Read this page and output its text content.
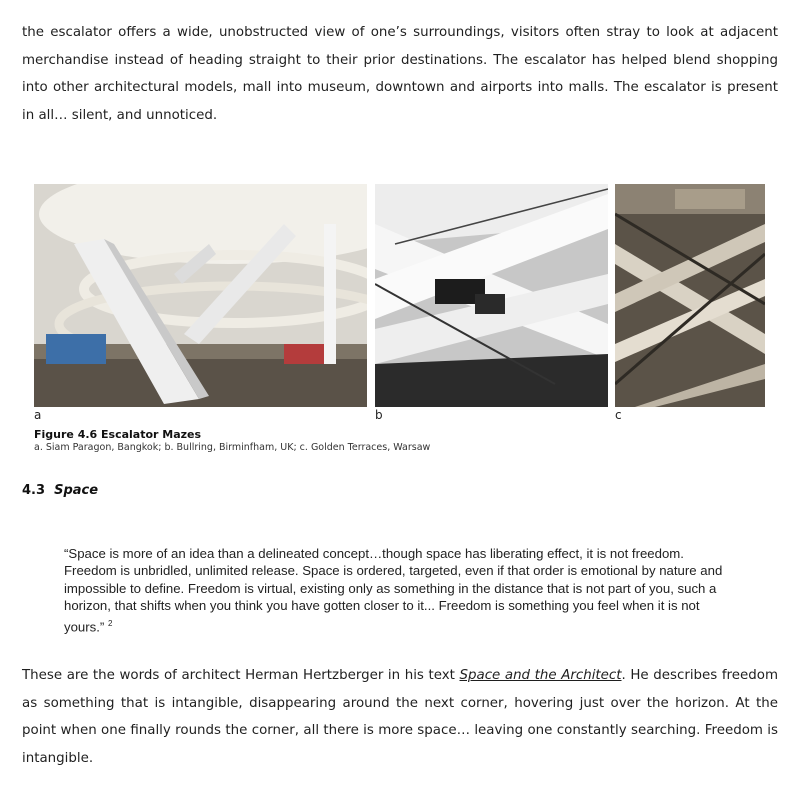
the escalator offers a wide, unobstructed view of one’s surroundings, visitors often stray to look at adjacent merchandise instead of heading straight to their prior destinations. The escalator has helped blend shopping into other architectural models, mall into museum, downtown and airports into malls. The escalator is present in all… silent, and unnoticed.

a	b	c
Figure 4.6 Escalator Mazes
a. Siam Paragon, Bangkok; b. Bullring, Birminfham, UK; c. Golden Terraces, Warsaw
4.3 Space

“Space is more of an idea than a delineated concept…though space has liberating effect, it is not freedom. Freedom is unbridled, unlimited release. Space is ordered, targeted, even if that order is emotional by nature and impossible to define. Freedom is virtual, existing only as something in the distance that is not part of you, such a horizon, that shifts when you think you have gotten closer to it... Freedom is something you feel when it is not yours.” $^2$

These are the words of architect Herman Hertzberger in his text Space and the Architect. He describes freedom as something that is intangible, disappearing around the next corner, hovering just over the horizon. At the point when one finally rounds the corner, all there is more space… leaving one constantly searching. Freedom is intangible.
